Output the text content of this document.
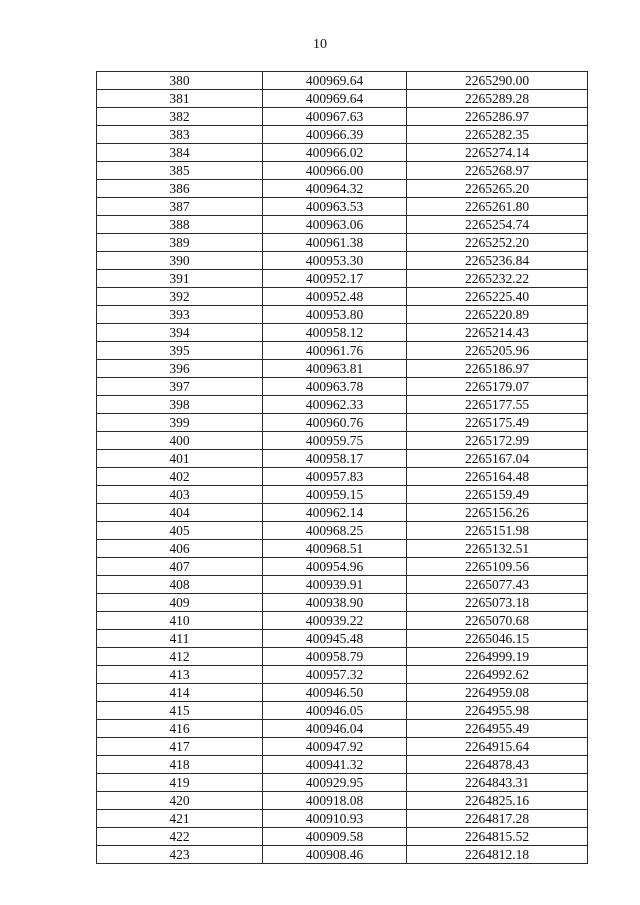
10
380	400969.64	2265290.00
381	400969.64	2265289.28
382	400967.63	2265286.97
383	400966.39	2265282.35
384	400966.02	2265274.14
385	400966.00	2265268.97
386	400964.32	2265265.20
387	400963.53	2265261.80
388	400963.06	2265254.74
389	400961.38	2265252.20
390	400953.30	2265236.84
391	400952.17	2265232.22
392	400952.48	2265225.40
393	400953.80	2265220.89
394	400958.12	2265214.43
395	400961.76	2265205.96
396	400963.81	2265186.97
397	400963.78	2265179.07
398	400962.33	2265177.55
399	400960.76	2265175.49
400	400959.75	2265172.99
401	400958.17	2265167.04
402	400957.83	2265164.48
403	400959.15	2265159.49
404	400962.14	2265156.26
405	400968.25	2265151.98
406	400968.51	2265132.51
407	400954.96	2265109.56
408	400939.91	2265077.43
409	400938.90	2265073.18
410	400939.22	2265070.68
411	400945.48	2265046.15
412	400958.79	2264999.19
413	400957.32	2264992.62
414	400946.50	2264959.08
415	400946.05	2264955.98
416	400946.04	2264955.49
417	400947.92	2264915.64
418	400941.32	2264878.43
419	400929.95	2264843.31
420	400918.08	2264825.16
421	400910.93	2264817.28
422	400909.58	2264815.52
423	400908.46	2264812.18
